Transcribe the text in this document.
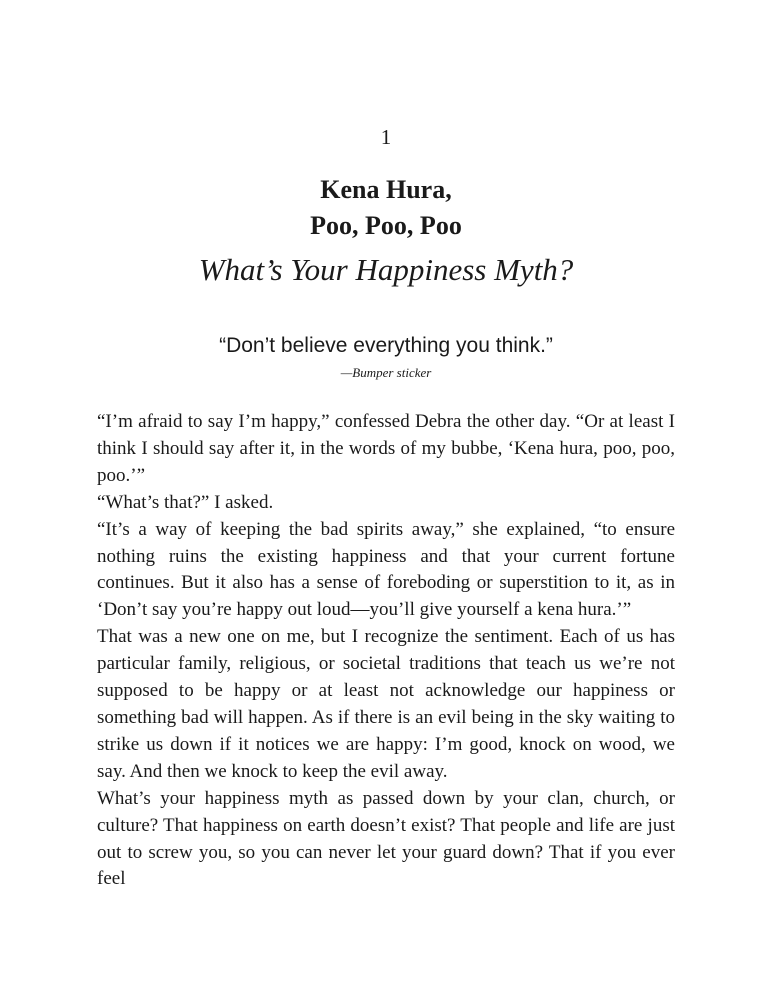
1
Kena Hura,
Poo, Poo, Poo
What’s Your Happiness Myth?
“Don’t believe everything you think.”
—Bumper sticker

“I’m afraid to say I’m happy,” confessed Debra the other day. “Or at least I think I should say after it, in the words of my bubbe, ‘Kena hura, poo, poo, poo.’”

“What’s that?” I asked.

“It’s a way of keeping the bad spirits away,” she explained, “to ensure nothing ruins the existing happiness and that your current fortune continues. But it also has a sense of foreboding or superstition to it, as in ‘Don’t say you’re happy out loud—you’ll give yourself a kena hura.’”

That was a new one on me, but I recognize the sentiment. Each of us has particular family, religious, or societal traditions that teach us we’re not supposed to be happy or at least not acknowledge our happiness or something bad will happen. As if there is an evil being in the sky waiting to strike us down if it notices we are happy: I’m good, knock on wood, we say. And then we knock to keep the evil away.

What’s your happiness myth as passed down by your clan, church, or culture? That happiness on earth doesn’t exist? That people and life are just out to screw you, so you can never let your guard down? That if you ever feel
